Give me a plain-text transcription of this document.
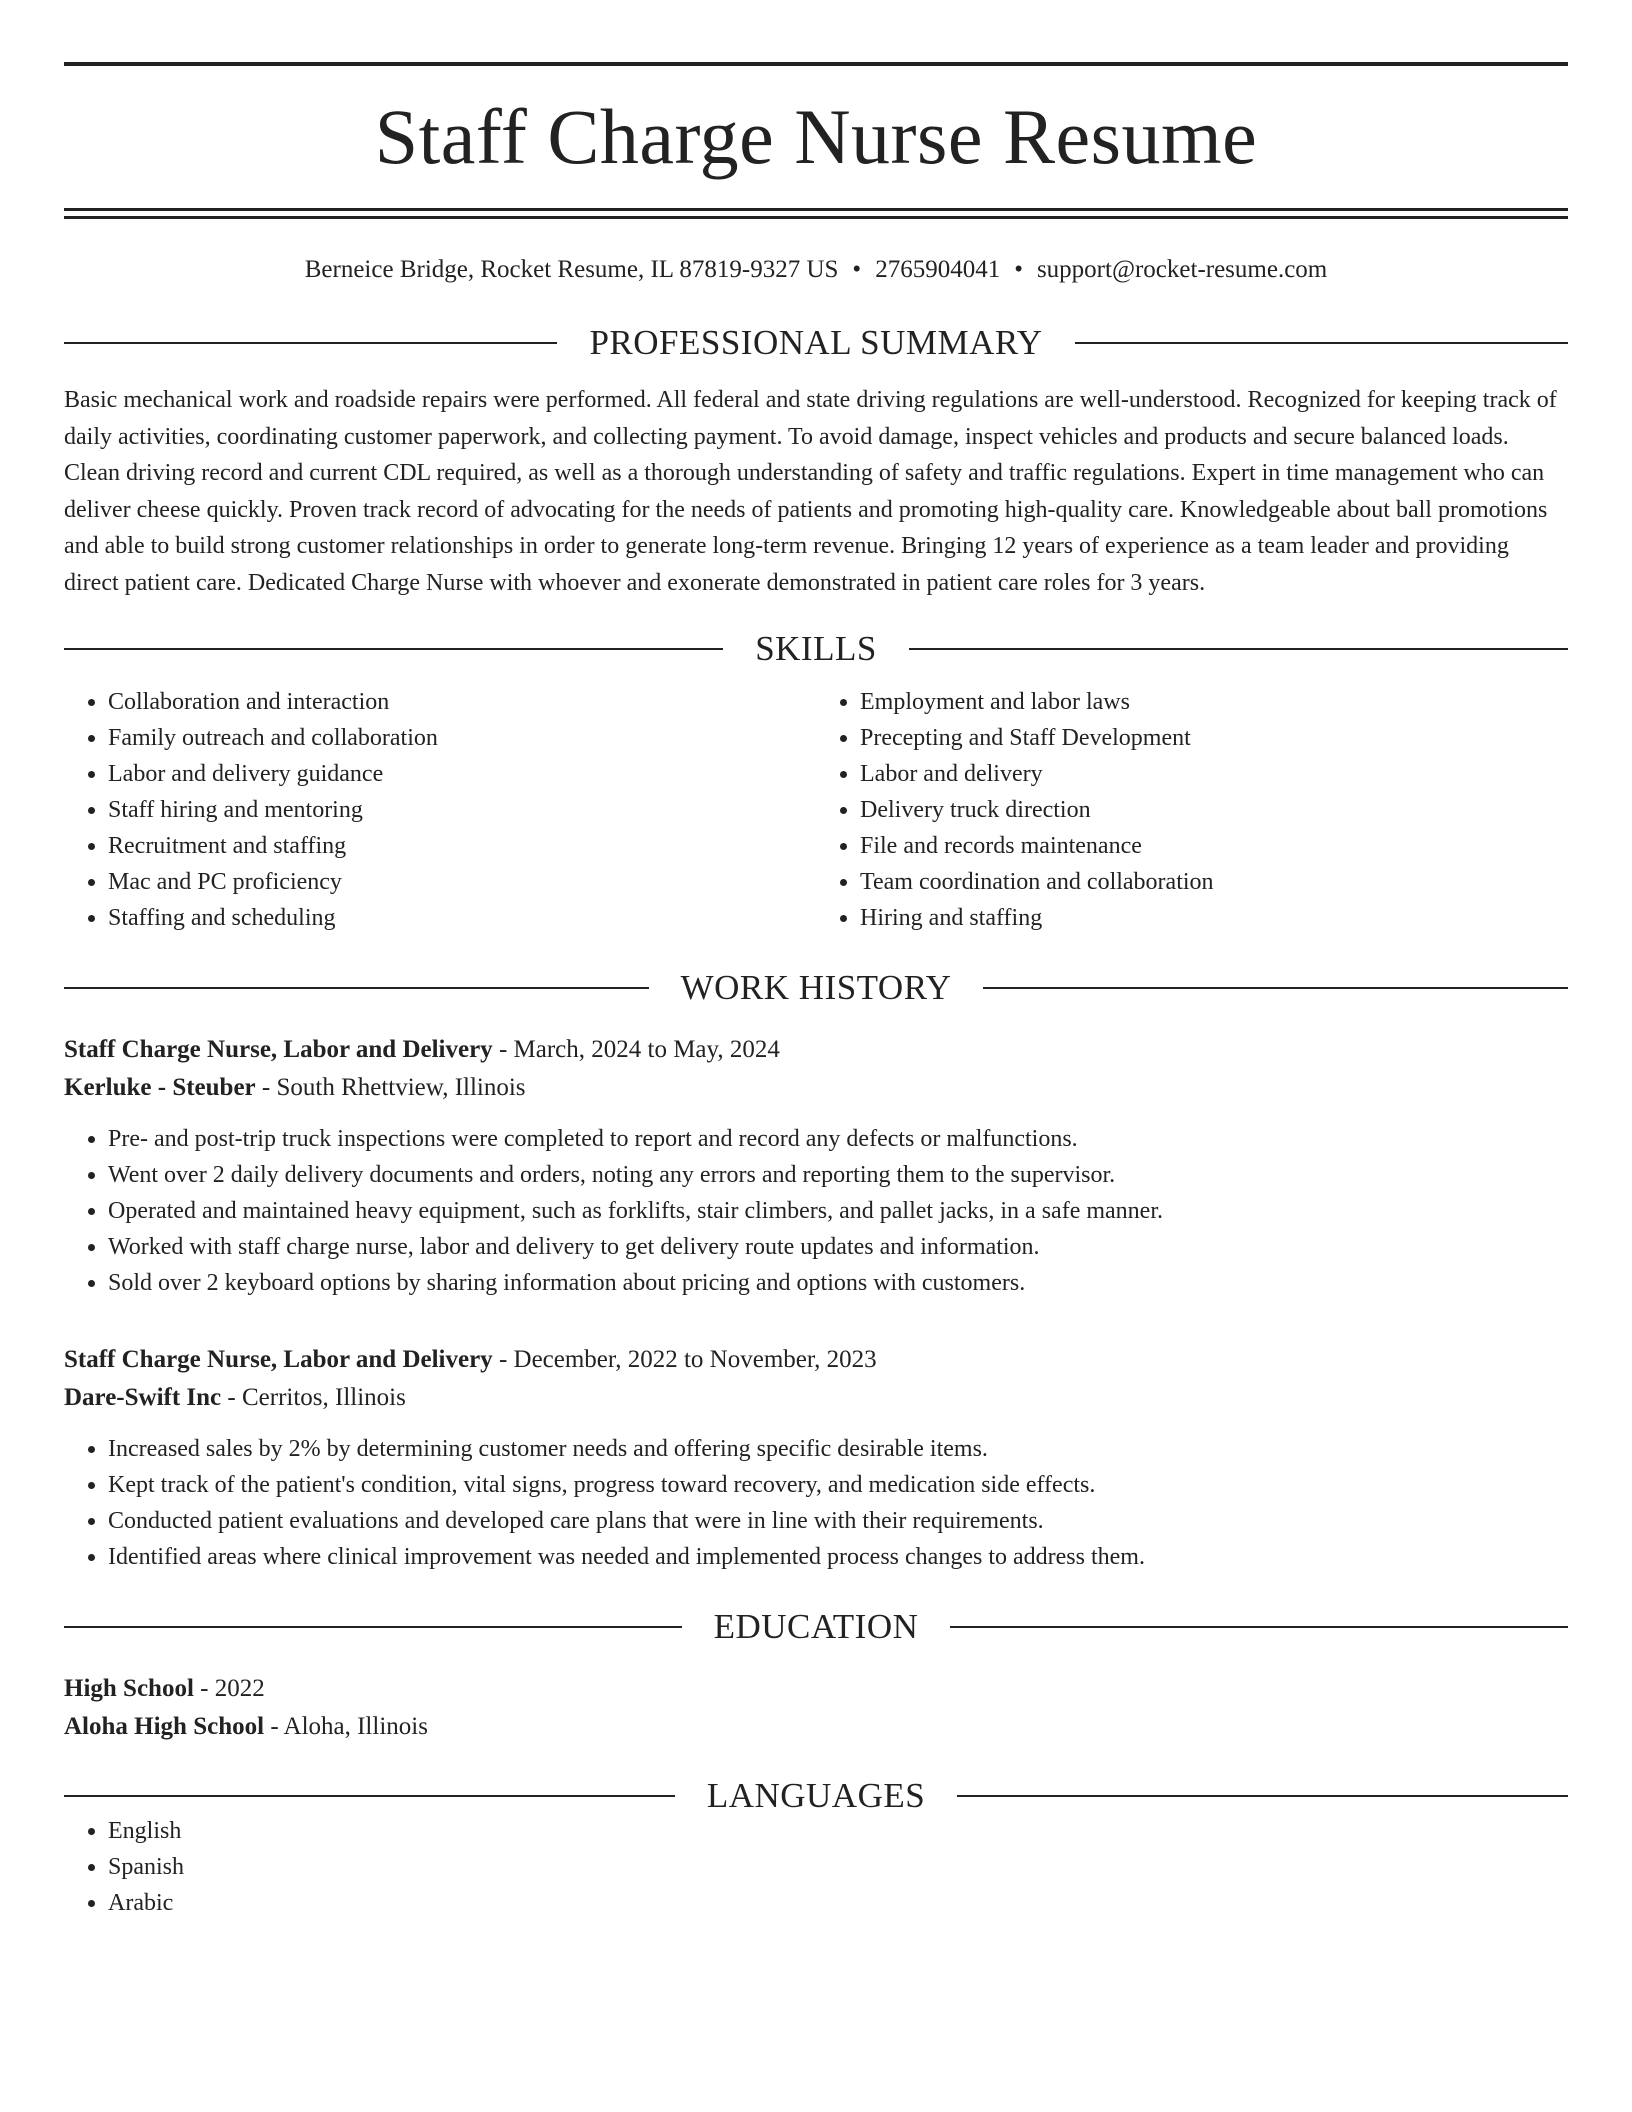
Staff Charge Nurse Resume
Berneice Bridge, Rocket Resume, IL 87819-9327 US • 2765904041 • support@rocket-resume.com
PROFESSIONAL SUMMARY
Basic mechanical work and roadside repairs were performed. All federal and state driving regulations are well-understood. Recognized for keeping track of daily activities, coordinating customer paperwork, and collecting payment. To avoid damage, inspect vehicles and products and secure balanced loads. Clean driving record and current CDL required, as well as a thorough understanding of safety and traffic regulations. Expert in time management who can deliver cheese quickly. Proven track record of advocating for the needs of patients and promoting high-quality care. Knowledgeable about ball promotions and able to build strong customer relationships in order to generate long-term revenue. Bringing 12 years of experience as a team leader and providing direct patient care. Dedicated Charge Nurse with whoever and exonerate demonstrated in patient care roles for 3 years.
SKILLS
• Collaboration and interaction
• Family outreach and collaboration
• Labor and delivery guidance
• Staff hiring and mentoring
• Recruitment and staffing
• Mac and PC proficiency
• Staffing and scheduling
• Employment and labor laws
• Precepting and Staff Development
• Labor and delivery
• Delivery truck direction
• File and records maintenance
• Team coordination and collaboration
• Hiring and staffing
WORK HISTORY
Staff Charge Nurse, Labor and Delivery - March, 2024 to May, 2024
Kerluke - Steuber - South Rhettview, Illinois
• Pre- and post-trip truck inspections were completed to report and record any defects or malfunctions.
• Went over 2 daily delivery documents and orders, noting any errors and reporting them to the supervisor.
• Operated and maintained heavy equipment, such as forklifts, stair climbers, and pallet jacks, in a safe manner.
• Worked with staff charge nurse, labor and delivery to get delivery route updates and information.
• Sold over 2 keyboard options by sharing information about pricing and options with customers.
Staff Charge Nurse, Labor and Delivery - December, 2022 to November, 2023
Dare-Swift Inc - Cerritos, Illinois
• Increased sales by 2% by determining customer needs and offering specific desirable items.
• Kept track of the patient's condition, vital signs, progress toward recovery, and medication side effects.
• Conducted patient evaluations and developed care plans that were in line with their requirements.
• Identified areas where clinical improvement was needed and implemented process changes to address them.
EDUCATION
High School - 2022
Aloha High School - Aloha, Illinois
LANGUAGES
• English
• Spanish
• Arabic
